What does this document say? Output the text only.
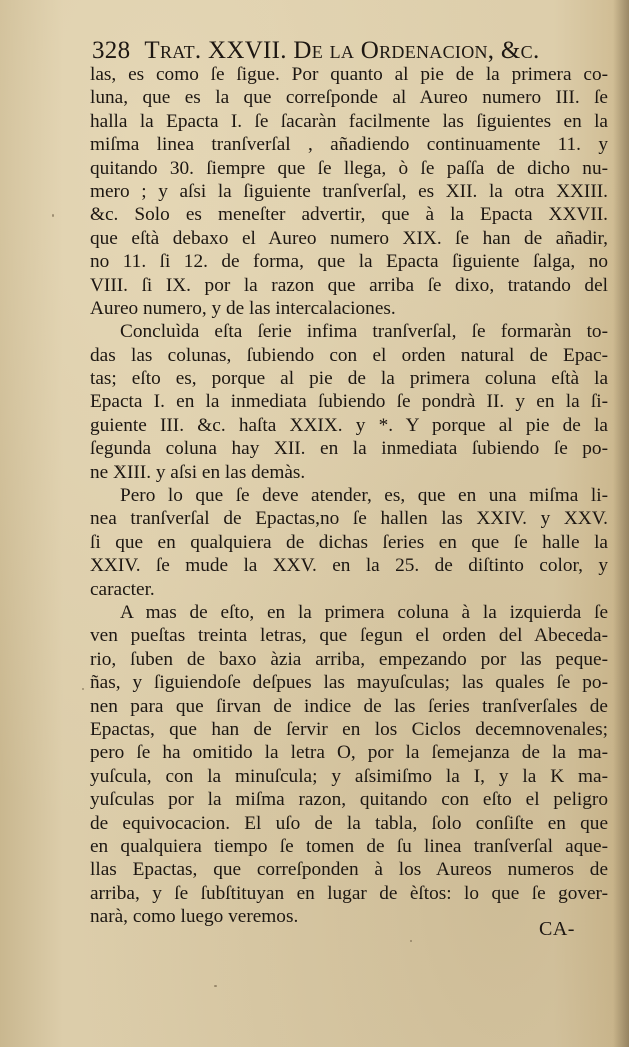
328 Trat. XXVII. De la Ordenacion, &c.
las, es como ſe ſigue. Por quanto al pie de la primera co-
luna, que es la que correſponde al Aureo numero III. ſe
halla la Epacta I. ſe ſacaràn facilmente las ſiguientes en la
miſma linea tranſverſal , añadiendo continuamente 11. y
quitando 30. ſiempre que ſe llega, ò ſe paſſa de dicho nu-
mero ; y aſsi la ſiguiente tranſverſal, es XII. la otra XXIII.
&c. Solo es meneſter advertir, que à la Epacta XXVII.
que eſtà debaxo el Aureo numero XIX. ſe han de añadir,
no 11. ſi 12. de forma, que la Epacta ſiguiente ſalga, no
VIII. ſi IX. por la razon que arriba ſe dixo, tratando del
Aureo numero, y de las intercalaciones.
Concluìda eſta ſerie infima tranſverſal, ſe formaràn to-
das las colunas, ſubiendo con el orden natural de Epac-
tas; eſto es, porque al pie de la primera coluna eſtà la
Epacta I. en la inmediata ſubiendo ſe pondrà II. y en la ſi-
guiente III. &c. haſta XXIX. y *. Y porque al pie de la
ſegunda coluna hay XII. en la inmediata ſubiendo ſe po-
ne XIII. y aſsi en las demàs.
Pero lo que ſe deve atender, es, que en una miſma li-
nea tranſverſal de Epactas,no ſe hallen las XXIV. y XXV.
ſi que en qualquiera de dichas ſeries en que ſe halle la
XXIV. ſe mude la XXV. en la 25. de diſtinto color, y
caracter.
A mas de eſto, en la primera coluna à la izquierda ſe
ven pueſtas treinta letras, que ſegun el orden del Abeceda-
rio, ſuben de baxo àzia arriba, empezando por las peque-
ñas, y ſiguiendoſe deſpues las mayuſculas; las quales ſe po-
nen para que ſirvan de indice de las ſeries tranſverſales de
Epactas, que han de ſervir en los Ciclos decemnovenales;
pero ſe ha omitido la letra O, por la ſemejanza de la ma-
yuſcula, con la minuſcula; y aſsimiſmo la I, y la K ma-
yuſculas por la miſma razon, quitando con eſto el peligro
de equivocacion. El uſo de la tabla, ſolo conſiſte en que
en qualquiera tiempo ſe tomen de ſu linea tranſverſal aque-
llas Epactas, que correſponden à los Aureos numeros de
arriba, y ſe ſubſtituyan en lugar de èſtos: lo que ſe gover-
narà, como luego veremos.
CA-
